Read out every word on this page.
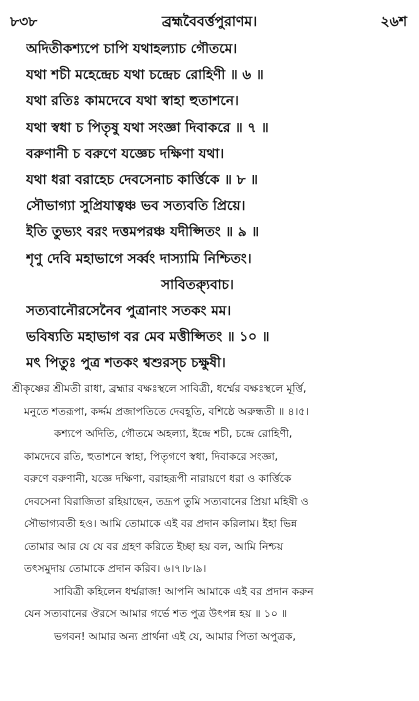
৮৩৮	ব্রহ্মবৈবর্ত্তপুরাণম।	২৬শ
অদিতীকশ্যপে চাপি যথাহল্যাচ গৌতমে।
যথা শচী মহেন্দ্রেচ যথা চন্দ্রেচ রোহিণী ॥ ৬ ॥
যথা রতিঃ কামদেবে যথা স্বাহা হুতাশনে।
যথা স্বধা চ পিতৃষু যথা সংজ্ঞা দিবাকরে ॥ ৭ ॥
বরুণানী চ বরুণে যজ্ঞেচ দক্ষিণা যথা।
যথা ধরা বরাহেচ দেবসেনাচ কার্ত্তিকে ॥ ৮ ॥
সৌভাগ্যা সুপ্রিযাত্বঞ্চ ভব সত্যবতি প্রিয়ে।
ইতি তুভ্যং বরং দত্তমপরঞ্চ যদীপ্সিতং ॥ ৯ ॥
শৃণু দেবি মহাভাগে সর্ব্বং দাস্যামি নিশ্চিতং।
সাবিত্র্যুবাচ।
সত্যবানৌরসেনৈব পুত্রানাং সতকং মম।
ভবিষ্যতি মহাভাগ বর মেব মত্তীপ্সিতং ॥ ১০ ॥
মৎ পিতুঃ পুত্র শতকং শ্বশুরস্চ চক্ষুষী।
শ্রীকৃষ্ণের শ্রীমতী রাধা, ব্রহ্মার বক্ষঃস্থলে সাবিত্রী, ধর্ম্মের বক্ষঃস্থলে মূর্ত্তি,
মনুতে শতরূপা, কর্দ্দম প্রজাপতিতে দেবহূতি, বশিষ্ঠে অরুন্ধতী ॥ ৪।৫।
কশ্যপে অদিতি, গৌতমে অহল্যা, ইন্দ্রে শচী, চন্দ্রে রোহিণী,
কামদেবে রতি, হুতাশনে স্বাহা, পিতৃগণে স্বধা, দিবাকরে সংজ্ঞা,
বরুণে বরুণানী, যজ্ঞে দক্ষিণা, বরাহরূপী নারায়ণে ধরা ও কার্ত্তিকে
দেবসেনা বিরাজিতা রহিয়াছেন, তদ্রূপ তুমি সত্যবানের প্রিয়া মহিষী ও
সৌভাগ্যবতী হও। আমি তোমাকে এই বর প্রদান করিলাম। ইহা ভিন্ন
তোমার আর যে যে বর গ্রহণ করিতে ইচ্ছা হয় বল, আমি নিশ্চয়
তৎসমুদায় তোমাকে প্রদান করিব। ৬।৭।৮।৯।
সাবিত্রী কহিলেন ধর্ম্মরাজ! আপনি আমাকে এই বর প্রদান করুন
যেন সত্যবানের ঔরসে আমার গর্ভে শত পুত্র উৎপন্ন হয় ॥ ১০ ॥
ভগবন! আমার অন্য প্রার্থনা এই যে, আমার পিতা অপুত্রক,
